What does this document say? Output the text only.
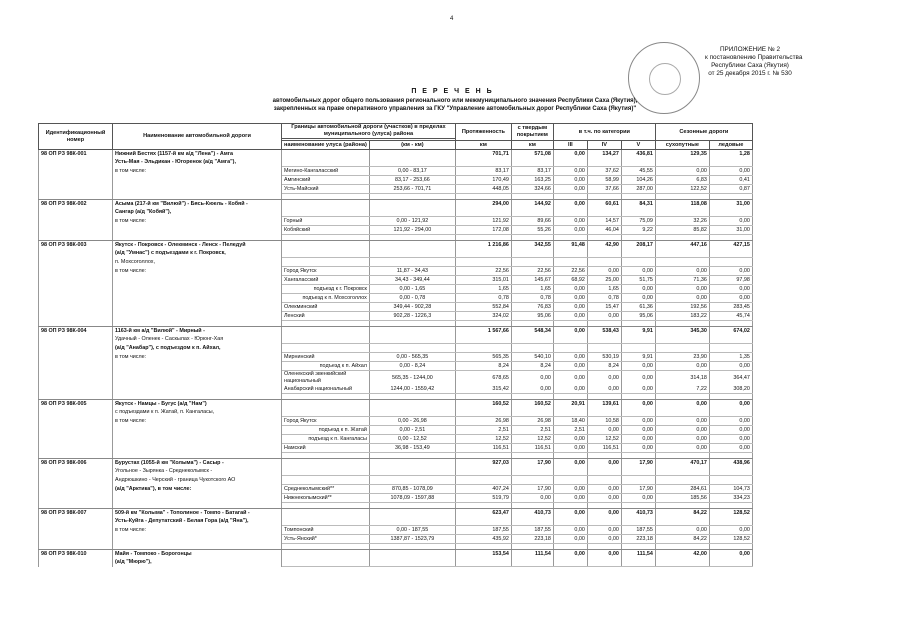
4
ПРИЛОЖЕНИЕ № 2
к постановлению Правительства
Республики Саха (Якутия)
от 25 декабря 2015 г. № 530
П Е Р Е Ч Е Н Ь
автомобильных дорог общего пользования регионального или межмуниципального значения Республики Саха (Якутия),
закрепленных на праве оперативного управления за ГКУ "Управление автомобильных дорог Республики Саха (Якутия)"
Идентификационный номер	Наименование автомобильной дороги	Границы автомобильной дороги (участков) в пределах муниципального (улуса) района		Протяженность	с твердым покрытием	в т.ч. по категории			Сезонные дороги	

		наименование улуса (района)	(км - км)	км	км	III	IV	V	сухопутные	ледовые
98 ОП РЗ 98К-001	Нижний Бестях (1157-й км а/д "Лена") - Амга			701,71	571,08	0,00	134,27	436,81	129,35	1,28
	Усть-Мая - Эльдикан - Югоренок (а/д "Амга"),									
	в том числе:	Мегино-Кангаласский	0,00 - 83,17	83,17	83,17	0,00	37,62	45,55	0,00	0,00
		Амгинский	83,17 - 253,66	170,49	163,25	0,00	58,99	104,26	6,83	0,41
		Усть-Майский	253,66 - 701,71	448,05	324,66	0,00	37,66	287,00	122,52	0,87

98 ОП РЗ 98К-002	Асыма (217-й км "Вилюй") - Бясь-Кюель - Кобяй -			294,00	144,92	0,00	60,61	84,31	118,08	31,00
	Сангар (а/д "Кобяй"),									
	в том числе:	Горный	0,00 - 121,92	121,92	89,66	0,00	14,57	75,09	32,26	0,00
		Кобяйский	121,92 - 294,00	172,08	55,26	0,00	46,04	9,22	85,82	31,00

98 ОП РЗ 98К-003	Якутск - Покровск - Олекминск - Ленск - Пеледуй			1 216,86	342,55	91,48	42,90	208,17	447,16	427,15
	(а/д "Умнас") с подъездами к г. Покровск,									
	п. Мохсоголлох,									
	в том числе:	Город Якутск	11,87 - 34,43	22,56	22,56	22,56	0,00	0,00	0,00	0,00
		Хангаласский	34,43 - 349,44	315,01	145,67	68,92	25,00	51,75	71,36	97,98
		подъезд к г. Покровск	0,00 - 1,65	1,65	1,65	0,00	1,65	0,00	0,00	0,00
		подъезд к п. Мохсоголлох	0,00 - 0,78	0,78	0,78	0,00	0,78	0,00	0,00	0,00
		Олекминский	349,44 - 902,28	552,84	76,83	0,00	15,47	61,36	192,56	283,45
		Ленский	902,28 - 1226,3	324,02	95,06	0,00	0,00	95,06	183,22	45,74

98 ОП РЗ 98К-004	1163-й км а/д "Вилюй" - Мирный -			1 567,66	548,34	0,00	538,43	9,91	345,30	674,02
	Удачный - Оленек - Саскылах - Юрюнг-Хая									
	(а/д "Анабар"), с подъездом к п. Айхал,									
	в том числе:	Мирнинский	0,00 - 565,35	565,35	540,10	0,00	530,19	9,91	23,90	1,35
		подъезд к п. Айхал	0,00 - 8,24	8,24	8,24	0,00	8,24	0,00	0,00	0,00

		Оленекский эвенкийский
национальный	565,35 - 1244,00	678,65	0,00	0,00	0,00	0,00	314,18	364,47
		Анабарский национальный	1244,00 - 1559,42	315,42	0,00	0,00	0,00	0,00	7,22	308,20

98 ОП РЗ 98К-005	Якутск - Намцы - Бугус (а/д "Нам")			160,52	160,52	20,91	139,61	0,00	0,00	0,00
	с подъездами к п. Жатай, п. Кангаласы,									
	в том числе:	Город Якутск	0,00 - 26,98	26,98	26,98	18,40	10,58	0,00	0,00	0,00
		подъезд к п. Жатай	0,00 - 2,51	2,51	2,51	2,51	0,00	0,00	0,00	0,00
		подъезд к п. Кангаласы	0,00 - 12,52	12,52	12,52	0,00	12,52	0,00	0,00	0,00
		Намский	36,98 - 153,49	116,51	116,51	0,00	116,51	0,00	0,00	0,00

98 ОП РЗ 98К-006	Бурустах (1055-й км "Колыма") - Сасыр -			927,03	17,90	0,00	0,00	17,90	470,17	438,96
	Угольное - Зырянка - Среднеколымск -									
	Андрюшкино - Черский - граница Чукотского АО									
	(а/д "Арктика"), в том числе:	Среднеколымский**	870,85 - 1078,09	407,24	17,90	0,00	0,00	17,90	284,61	104,73
		Нижнеколымский**	1078,09 - 1597,88	519,79	0,00	0,00	0,00	0,00	185,56	334,23

98 ОП РЗ 98К-007	509-й км "Колыма" - Тополиное - Томпо - Батагай -			623,47	410,73	0,00	0,00	410,73	84,22	128,52
	Усть-Куйга - Депутатский - Белая Гора (а/д "Яна"),									
	в том числе:	Томпонский	0,00 - 187,55	187,55	187,55	0,00	0,00	187,55	0,00	0,00
		Усть-Янский*	1387,87 - 1523,79	435,92	223,18	0,00	0,00	223,18	84,22	128,52

98 ОП РЗ 98К-010	Майя - Томпоко - Борогонцы			153,54	111,54	0,00	0,00	111,54	42,00	0,00
	(а/д "Мюрю"),									
